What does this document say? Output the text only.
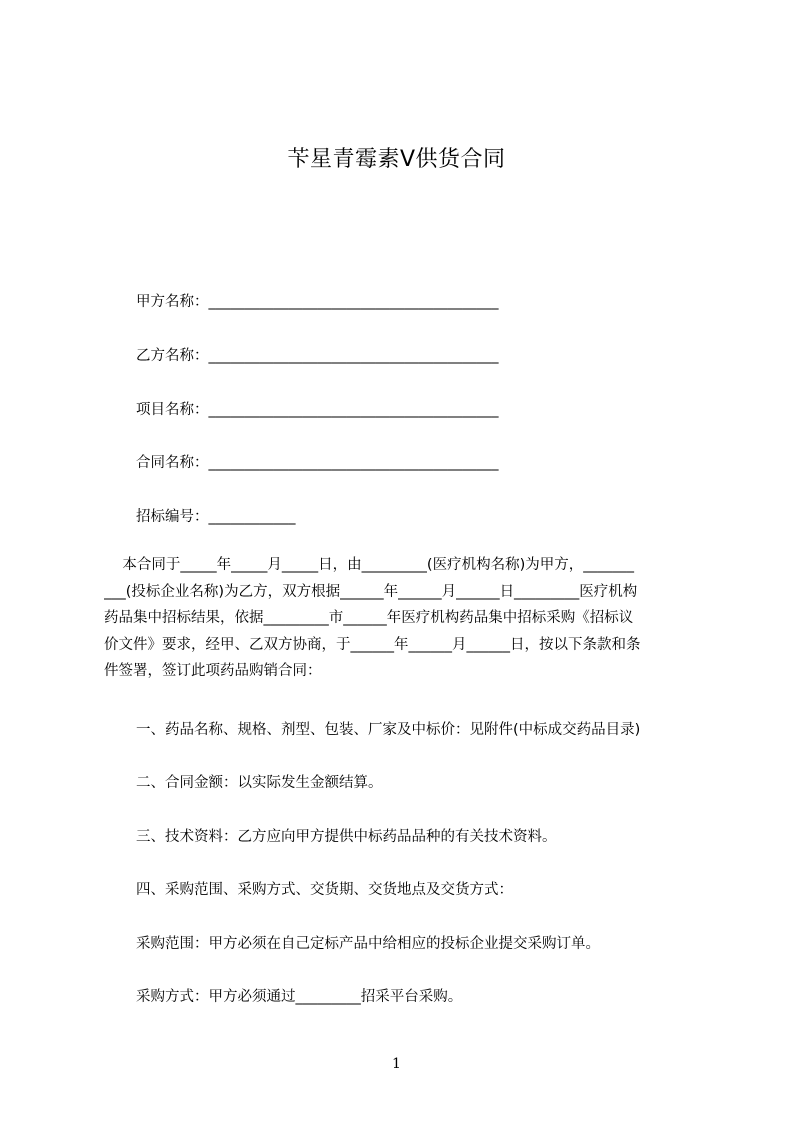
苄星青霉素Ⅴ供货合同
甲方名称：________________________________________
乙方名称：________________________________________
项目名称：________________________________________
合同名称：________________________________________
招标编号：____________
本合同于_____年_____月_____日，由_________(医疗机构名称)为甲方，_______
___(投标企业名称)为乙方，双方根据______年______月______日_________医疗机构
药品集中招标结果，依据_________市______年医疗机构药品集中招标采购《招标议
价文件》要求，经甲、乙双方协商，于______年______月______日，按以下条款和条
件签署，签订此项药品购销合同：
一、药品名称、规格、剂型、包装、厂家及中标价：见附件(中标成交药品目录)
二、合同金额：以实际发生金额结算。
三、技术资料：乙方应向甲方提供中标药品品种的有关技术资料。
四、采购范围、采购方式、交货期、交货地点及交货方式：
采购范围：甲方必须在自己定标产品中给相应的投标企业提交采购订单。
采购方式：甲方必须通过_________招采平台采购。
1
